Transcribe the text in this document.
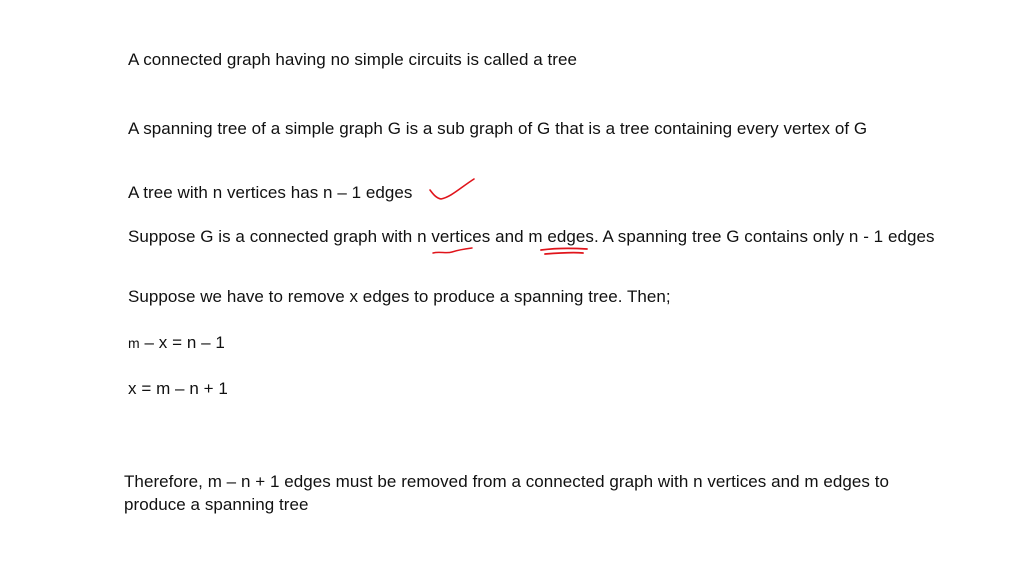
A connected graph having no simple circuits is called a tree
A spanning tree of a simple graph G is a sub graph of G that is a tree containing every vertex of G
A tree with n vertices has n – 1 edges
Suppose G is a connected graph with n vertices and m edges. A spanning tree G contains only n - 1 edges
Suppose we have to remove x edges to produce a spanning tree. Then;
m – x = n – 1
x = m – n + 1
Therefore, m – n + 1 edges must be removed from a connected graph with n vertices and m edges to produce a spanning tree
